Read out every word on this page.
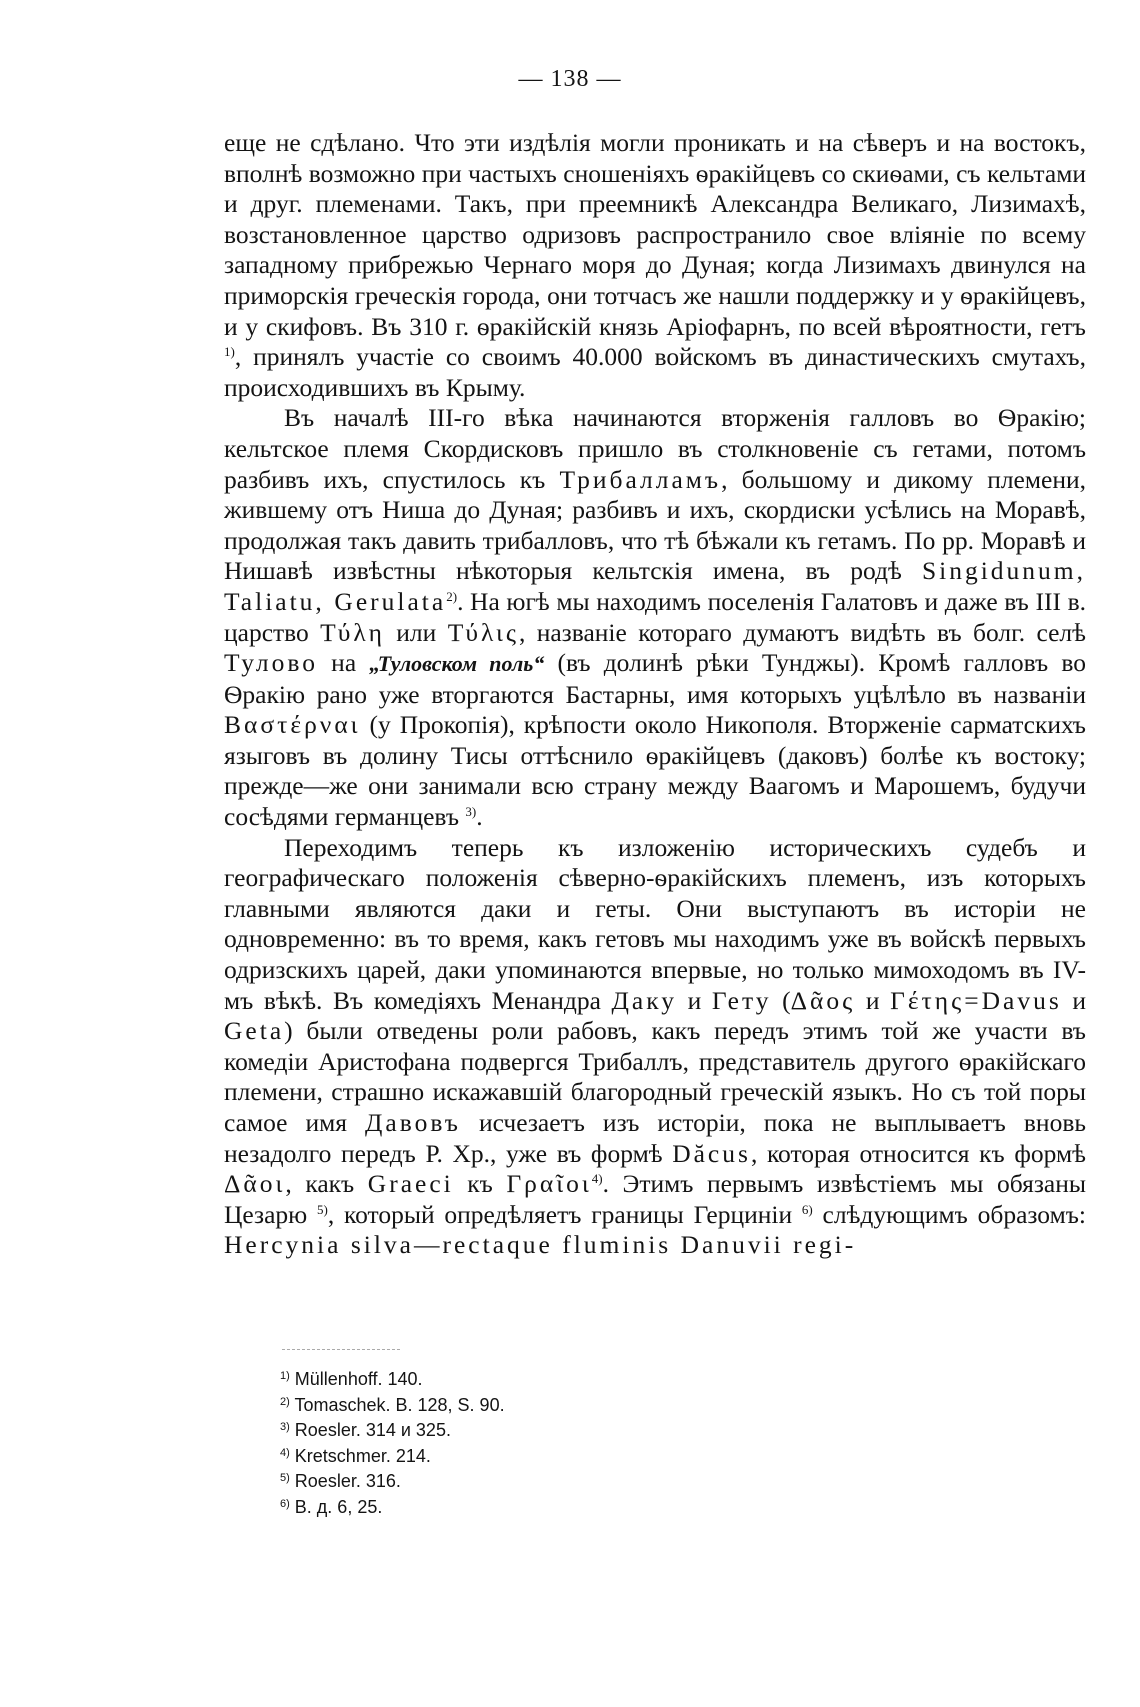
— 138 —

еще не сдѣлано. Что эти издѣлія могли проникать и на сѣверъ и на востокъ, вполнѣ возможно при частыхъ сношеніяхъ ѳракійцевъ со скиѳами, съ кельтами и друг. племенами. Такъ, при преемникѣ Александра Великаго, Лизимахѣ, возстановленное царство одризовъ распространило свое вліяніе по всему западному прибрежью Чернаго моря до Дуная; когда Лизимахъ двинулся на приморскія греческія города, они тотчасъ же нашли поддержку и у ѳракійцевъ, и у скифовъ. Въ 310 г. ѳракійскій князь Аріофарнъ, по всей вѣроятности, гетъ $^{1)}$, принялъ участіе со своимъ 40.000 войскомъ въ династическихъ смутахъ, происходившихъ въ Крыму.

Въ началѣ III-го вѣка начинаются вторженія галловъ во Ѳракію; кельтское племя Скордисковъ пришло въ столкновеніе съ гетами, потомъ разбивъ ихъ, спустилось къ Трибалламъ, большому и дикому племени, жившему отъ Ниша до Дуная; разбивъ и ихъ, скордиски усѣлись на Моравѣ, продолжая такъ давить трибалловъ, что тѣ бѣжали къ гетамъ. По рр. Моравѣ и Нишавѣ извѣстны нѣкоторыя кельтскія имена, въ родѣ Singidunum, Taliatu, Gerulata$^{2)}$. На югѣ мы находимъ поселенія Галатовъ и даже въ III в. царство Τύλη или Τύλις, названіе котораго думаютъ видѣть въ болг. селѣ Тулово на „Туловском поль“ (въ долинѣ рѣки Тунджы). Кромѣ галловъ во Ѳракію рано уже вторгаются Бастарны, имя которыхъ уцѣлѣло въ названіи Βαστέρναι (у Прокопія), крѣпости около Никополя. Вторженіе сарматскихъ языговъ въ долину Тисы оттѣснило ѳракійцевъ (даковъ) болѣе къ востоку; прежде—же они занимали всю страну между Ваагомъ и Марошемъ, будучи сосѣдями германцевъ $^{3)}$.

Переходимъ теперь къ изложенію историческихъ судебъ и географическаго положенія сѣверно-ѳракійскихъ племенъ, изъ которыхъ главными являются даки и геты. Они выступаютъ въ исторіи не одновременно: въ то время, какъ гетовъ мы находимъ уже въ войскѣ первыхъ одризскихъ царей, даки упоминаются впервые, но только мимоходомъ въ IV-мъ вѣкѣ. Въ комедіяхъ Менандра Даку и Гету (Δᾶος и Γέτης=Davus и Geta) были отведены роли рабовъ, какъ передъ этимъ той же участи въ комедіи Аристофана подвергся Трибаллъ, представитель другого ѳракійскаго племени, страшно искажавшій благородный греческій языкъ. Но съ той поры самое имя Давовъ исчезаетъ изъ исторіи, пока не выплываетъ вновь незадолго передъ Р. Хр., уже въ формѣ Dăcus, которая относится къ формѣ Δᾶοι, какъ Graeci къ Γραῖοι$^{4)}$. Этимъ первымъ извѣстіемъ мы обязаны Цезарю $^{5)}$, который опредѣляетъ границы Герцинiи $^{6)}$ слѣдующимъ образомъ: Hercynia silva—rectaque fluminis Danuvii regi-

$^{1)}$ Müllenhoff. 140.
$^{2)}$ Tomaschek. B. 128, S. 90.
$^{3)}$ Roesler. 314 и 325.
$^{4)}$ Kretschmer. 214.
$^{5)}$ Roesler. 316.
$^{6)}$ В. д. 6, 25.
